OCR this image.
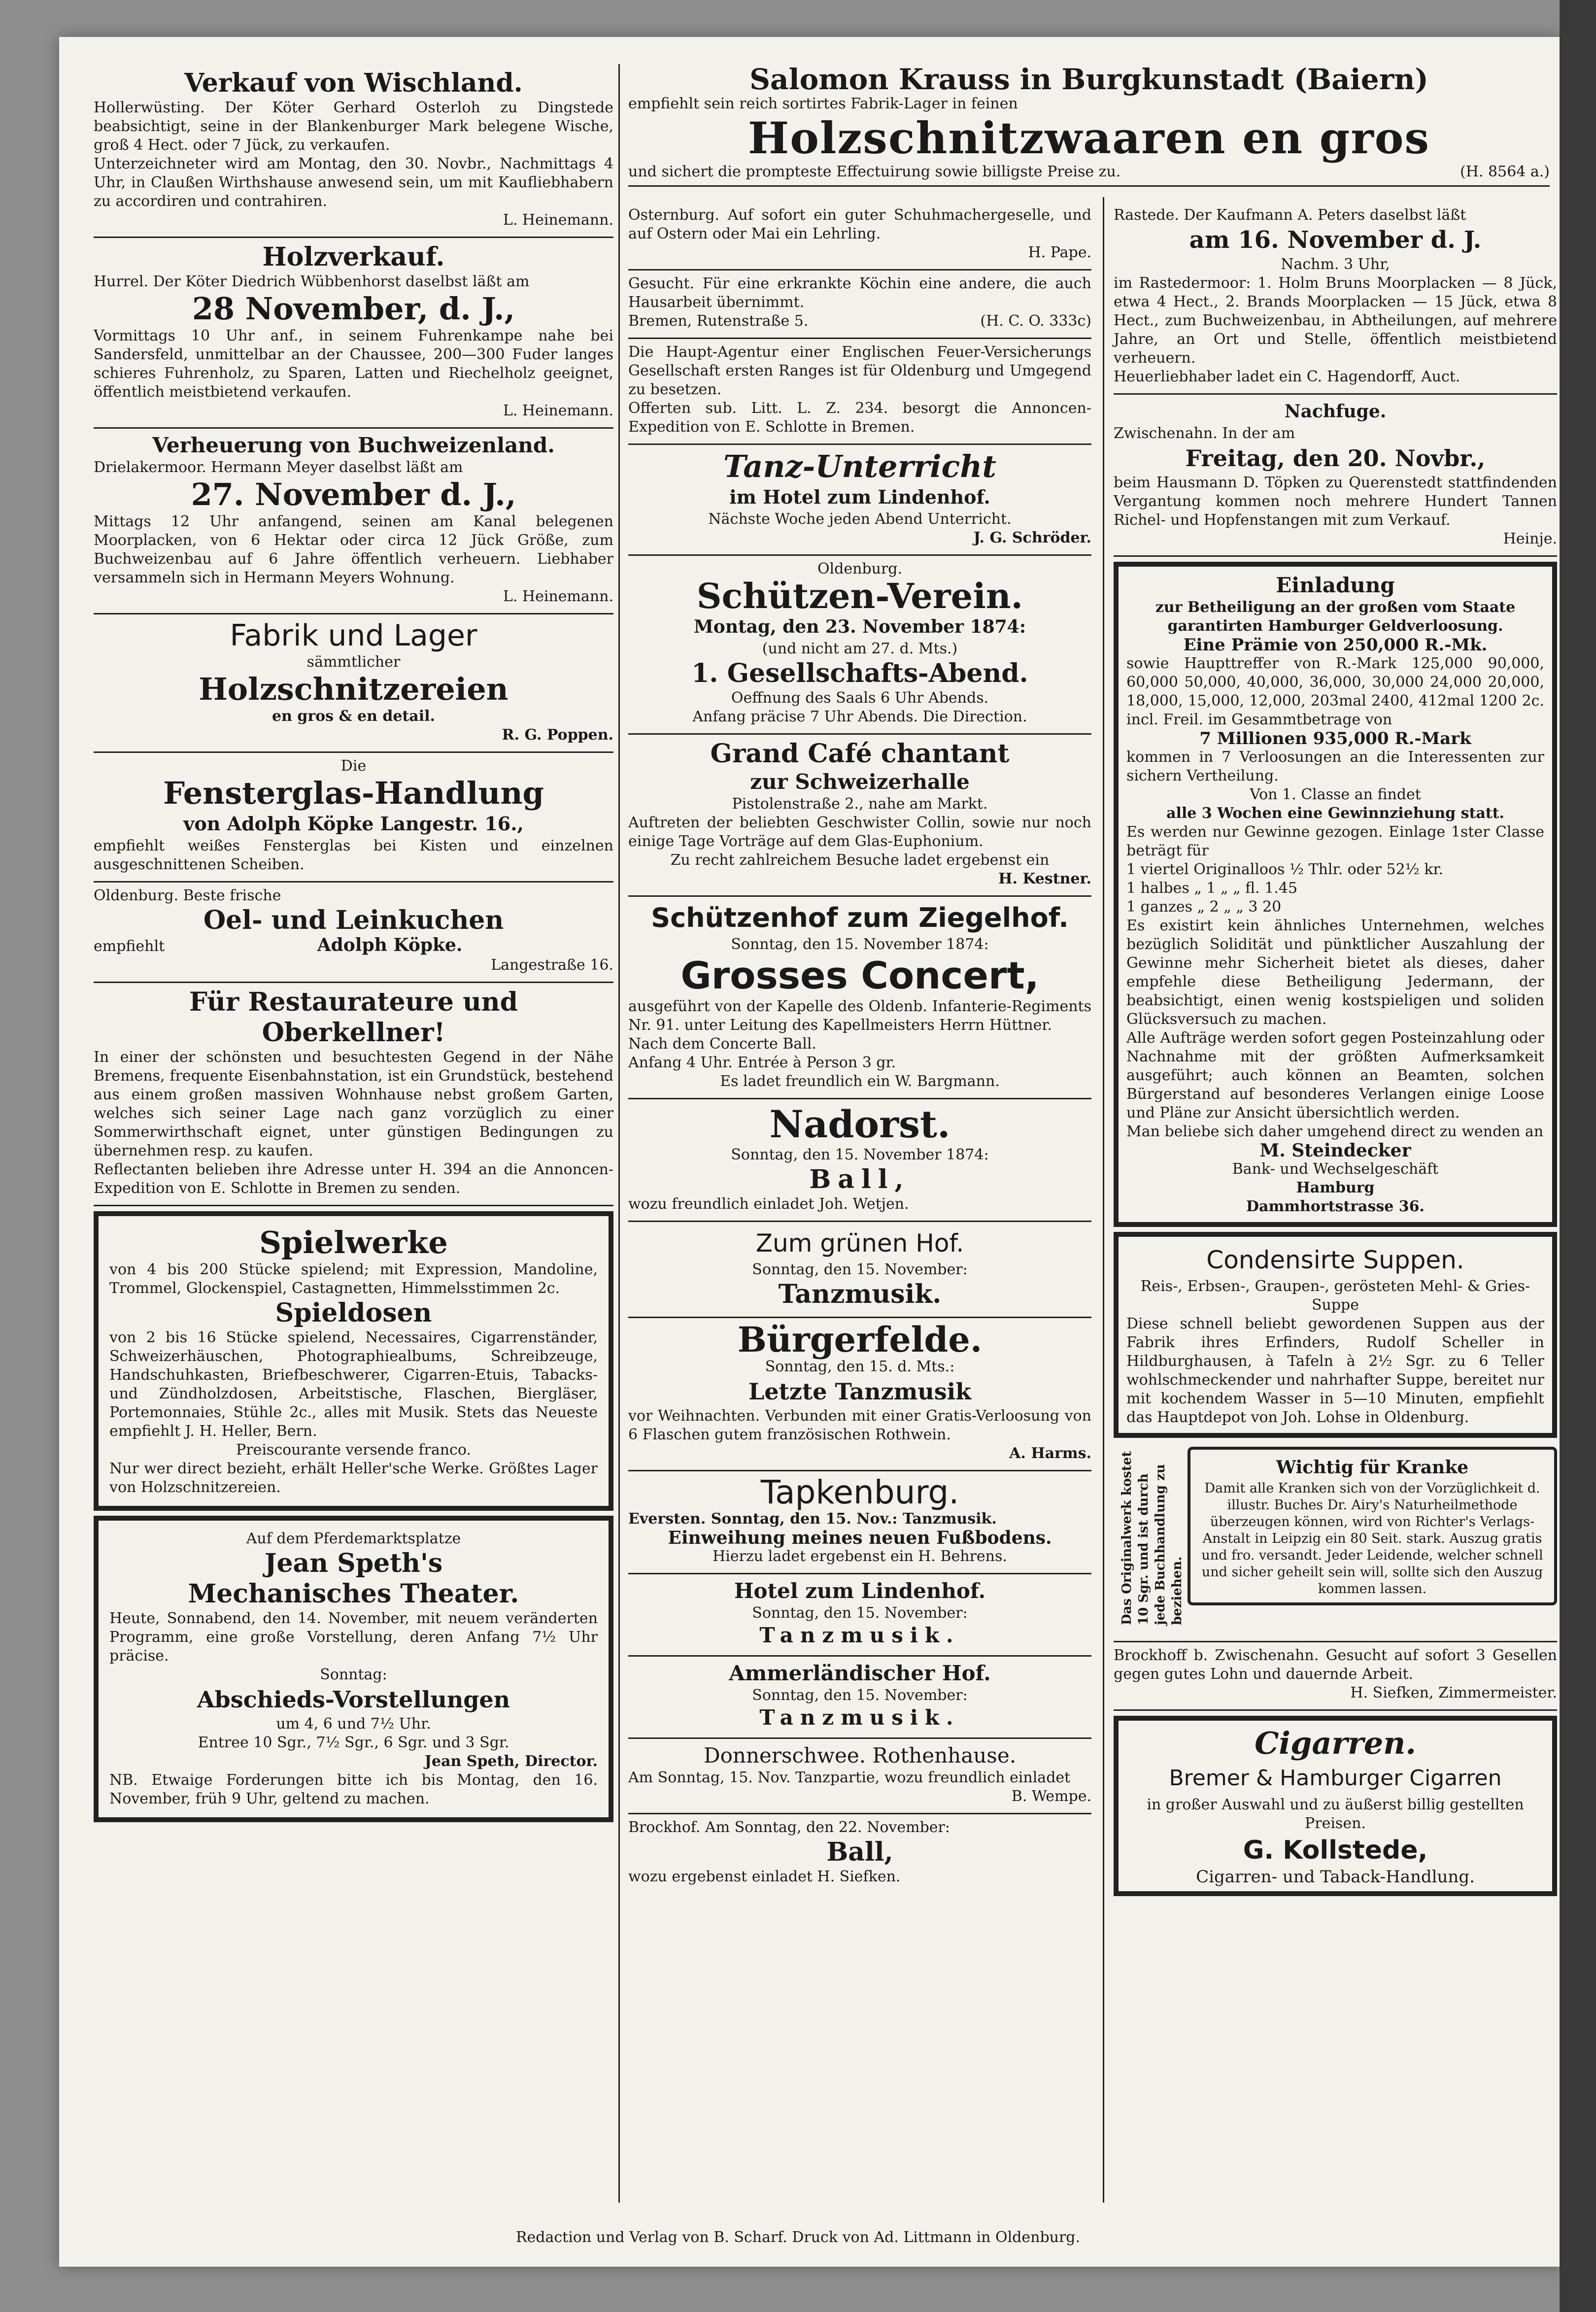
Verkauf von Wischland.

Hollerwüsting. Der Köter Gerhard Osterloh zu Dingstede beabsichtigt, seine in der Blankenburger Mark belegene Wische, groß 4 Hect. oder 7 Jück, zu verkaufen.

Unterzeichneter wird am Montag, den 30. Novbr., Nachmittags 4 Uhr, in Claußen Wirthshause anwesend sein, um mit Kaufliebhabern zu accordiren und contrahiren.

L. Heinemann.

Holzverkauf.

Hurrel. Der Köter Diedrich Wübbenhorst daselbst läßt am

28 November, d. J.,

Vormittags 10 Uhr anf., in seinem Fuhrenkampe nahe bei Sandersfeld, unmittelbar an der Chaussee, 200—300 Fuder langes schieres Fuhrenholz, zu Sparen, Latten und Riechelholz geeignet, öffentlich meistbietend verkaufen.

L. Heinemann.

Verheuerung von Buchweizenland.

Drielakermoor. Hermann Meyer daselbst läßt am

27. November d. J.,

Mittags 12 Uhr anfangend, seinen am Kanal belegenen Moorplacken, von 6 Hektar oder circa 12 Jück Größe, zum Buchweizenbau auf 6 Jahre öffentlich verheuern. Liebhaber versammeln sich in Hermann Meyers Wohnung.

L. Heinemann.

Fabrik und Lager

sämmtlicher

Holzschnitzereien

en gros & en detail.

R. G. Poppen.

Die

Fensterglas-Handlung

von Adolph Köpke Langestr. 16.,

empfiehlt weißes Fensterglas bei Kisten und einzelnen ausgeschnittenen Scheiben.

Oldenburg. Beste frische

Oel- und Leinkuchen

empfiehlt	Adolph Köpke.

Langestraße 16.

Für Restaurateure und Oberkellner!

In einer der schönsten und besuchtesten Gegend in der Nähe Bremens, frequente Eisenbahnstation, ist ein Grundstück, bestehend aus einem großen massiven Wohnhause nebst großem Garten, welches sich seiner Lage nach ganz vorzüglich zu einer Sommerwirthschaft eignet, unter günstigen Bedingungen zu übernehmen resp. zu kaufen.

Reflectanten belieben ihre Adresse unter H. 394 an die Annoncen-Expedition von E. Schlotte in Bremen zu senden.

Spielwerke

von 4 bis 200 Stücke spielend; mit Expression, Mandoline, Trommel, Glockenspiel, Castagnetten, Himmelsstimmen 2c.

Spieldosen

von 2 bis 16 Stücke spielend, Necessaires, Cigarrenständer, Schweizerhäuschen, Photographiealbums, Schreibzeuge, Handschuhkasten, Briefbeschwerer, Cigarren-Etuis, Tabacks- und Zündholzdosen, Arbeitstische, Flaschen, Biergläser, Portemonnaies, Stühle 2c., alles mit Musik. Stets das Neueste empfiehlt J. H. Heller, Bern.

Preiscourante versende franco.

Nur wer direct bezieht, erhält Heller'sche Werke. Größtes Lager von Holzschnitzereien.

Auf dem Pferdemarktsplatze

Jean Speth's

Mechanisches Theater.

Heute, Sonnabend, den 14. November, mit neuem veränderten Programm, eine große Vorstellung, deren Anfang 7½ Uhr präcise.

Sonntag:

Abschieds-Vorstellungen

um 4, 6 und 7½ Uhr.

Entree 10 Sgr., 7½ Sgr., 6 Sgr. und 3 Sgr.

Jean Speth, Director.

NB. Etwaige Forderungen bitte ich bis Montag, den 16. November, früh 9 Uhr, geltend zu machen.

Salomon Krauss in Burgkunstadt (Baiern)

empfiehlt sein reich sortirtes Fabrik-Lager in feinen

Holzschnitzwaaren en gros

und sichert die prompteste Effectuirung sowie billigste Preise zu.	(H. 8564 a.)

Osternburg. Auf sofort ein guter Schuhmachergeselle, und auf Ostern oder Mai ein Lehrling.

H. Pape.

Gesucht. Für eine erkrankte Köchin eine andere, die auch Hausarbeit übernimmt.

Bremen, Rutenstraße 5.	(H. C. O. 333c)

Die Haupt-Agentur einer Englischen Feuer-Versicherungs Gesellschaft ersten Ranges ist für Oldenburg und Umgegend zu besetzen.

Offerten sub. Litt. L. Z. 234. besorgt die Annoncen-Expedition von E. Schlotte in Bremen.

Tanz-Unterricht

im Hotel zum Lindenhof.

Nächste Woche jeden Abend Unterricht.

J. G. Schröder.

Oldenburg.

Schützen-Verein.

Montag, den 23. November 1874:

(und nicht am 27. d. Mts.)

1. Gesellschafts-Abend.

Oeffnung des Saals 6 Uhr Abends.

Anfang präcise 7 Uhr Abends. Die Direction.

Grand Café chantant

zur Schweizerhalle

Pistolenstraße 2., nahe am Markt.

Auftreten der beliebten Geschwister Collin, sowie nur noch einige Tage Vorträge auf dem Glas-Euphonium.

Zu recht zahlreichem Besuche ladet ergebenst ein

H. Kestner.

Schützenhof zum Ziegelhof.

Sonntag, den 15. November 1874:

Grosses Concert,

ausgeführt von der Kapelle des Oldenb. Infanterie-Regiments Nr. 91. unter Leitung des Kapellmeisters Herrn Hüttner.

Nach dem Concerte Ball.

Anfang 4 Uhr. Entrée à Person 3 gr.

Es ladet freundlich ein W. Bargmann.

Nadorst.

Sonntag, den 15. November 1874:

Ball,

wozu freundlich einladet Joh. Wetjen.

Zum grünen Hof.

Sonntag, den 15. November:

Tanzmusik.

Bürgerfelde.

Sonntag, den 15. d. Mts.:

Letzte Tanzmusik

vor Weihnachten. Verbunden mit einer Gratis-Verloosung von 6 Flaschen gutem französischen Rothwein.

A. Harms.

Tapkenburg.

Eversten. Sonntag, den 15. Nov.: Tanzmusik.

Einweihung meines neuen Fußbodens.

Hierzu ladet ergebenst ein H. Behrens.

Hotel zum Lindenhof.

Sonntag, den 15. November:

Tanzmusik.

Ammerländischer Hof.

Sonntag, den 15. November:

Tanzmusik.

Donnerschwee. Rothenhause.

Am Sonntag, 15. Nov. Tanzpartie, wozu freundlich einladet

B. Wempe.

Brockhof. Am Sonntag, den 22. November:

Ball,

wozu ergebenst einladet H. Siefken.

Rastede. Der Kaufmann A. Peters daselbst läßt

am 16. November d. J.

Nachm. 3 Uhr,

im Rastedermoor: 1. Holm Bruns Moorplacken — 8 Jück, etwa 4 Hect., 2. Brands Moorplacken — 15 Jück, etwa 8 Hect., zum Buchweizenbau, in Abtheilungen, auf mehrere Jahre, an Ort und Stelle, öffentlich meistbietend verheuern.

Heuerliebhaber ladet ein C. Hagendorff, Auct.

Nachfuge.

Zwischenahn. In der am

Freitag, den 20. Novbr.,

beim Hausmann D. Töpken zu Querenstedt stattfindenden Vergantung kommen noch mehrere Hundert Tannen Richel- und Hopfenstangen mit zum Verkauf.

Heinje.

Einladung

zur Betheiligung an der großen vom Staate garantirten Hamburger Geldverloosung.

Eine Prämie von 250,000 R.-Mk.

sowie Haupttreffer von R.-Mark 125,000 90,000, 60,000 50,000, 40,000, 36,000, 30,000 24,000 20,000, 18,000, 15,000, 12,000, 203mal 2400, 412mal 1200 2c. incl. Freil. im Gesammtbetrage von

7 Millionen 935,000 R.-Mark

kommen in 7 Verloosungen an die Interessenten zur sichern Vertheilung.

Von 1. Classe an findet

alle 3 Wochen eine Gewinnziehung statt.

Es werden nur Gewinne gezogen. Einlage 1ster Classe beträgt für

1 viertel Originalloos ½ Thlr. oder 52½ kr.

1 halbes „ 1 „ „ fl. 1.45

1 ganzes „ 2 „ „ 3 20

Es existirt kein ähnliches Unternehmen, welches bezüglich Solidität und pünktlicher Auszahlung der Gewinne mehr Sicherheit bietet als dieses, daher empfehle diese Betheiligung Jedermann, der beabsichtigt, einen wenig kostspieligen und soliden Glücksversuch zu machen.

Alle Aufträge werden sofort gegen Posteinzahlung oder Nachnahme mit der größten Aufmerksamkeit ausgeführt; auch können an Beamten, solchen Bürgerstand auf besonderes Verlangen einige Loose und Pläne zur Ansicht übersichtlich werden.

Man beliebe sich daher umgehend direct zu wenden an

M. Steindecker

Bank- und Wechselgeschäft

Hamburg

Dammhortstrasse 36.

Condensirte Suppen.

Reis-, Erbsen-, Graupen-, gerösteten Mehl- & Gries-Suppe

Diese schnell beliebt gewordenen Suppen aus der Fabrik ihres Erfinders, Rudolf Scheller in Hildburghausen, à Tafeln à 2½ Sgr. zu 6 Teller wohlschmeckender und nahrhafter Suppe, bereitet nur mit kochendem Wasser in 5—10 Minuten, empfiehlt das Hauptdepot von Joh. Lohse in Oldenburg.

Das Originalwerk kostet 10 Sgr. und ist durch jede Buchhandlung zu beziehen.

Wichtig für Kranke

Damit alle Kranken sich von der Vorzüglichkeit d. illustr. Buches Dr. Airy's Naturheilmethode überzeugen können, wird von Richter's Verlags-Anstalt in Leipzig ein 80 Seit. stark. Auszug gratis und fro. versandt. Jeder Leidende, welcher schnell und sicher geheilt sein will, sollte sich den Auszug kommen lassen.

Brockhoff b. Zwischenahn. Gesucht auf sofort 3 Gesellen gegen gutes Lohn und dauernde Arbeit.

H. Siefken, Zimmermeister.

Cigarren.

Bremer & Hamburger Cigarren

in großer Auswahl und zu äußerst billig gestellten Preisen.

G. Kollstede,

Cigarren- und Taback-Handlung.

Redaction und Verlag von B. Scharf. Druck von Ad. Littmann in Oldenburg.
